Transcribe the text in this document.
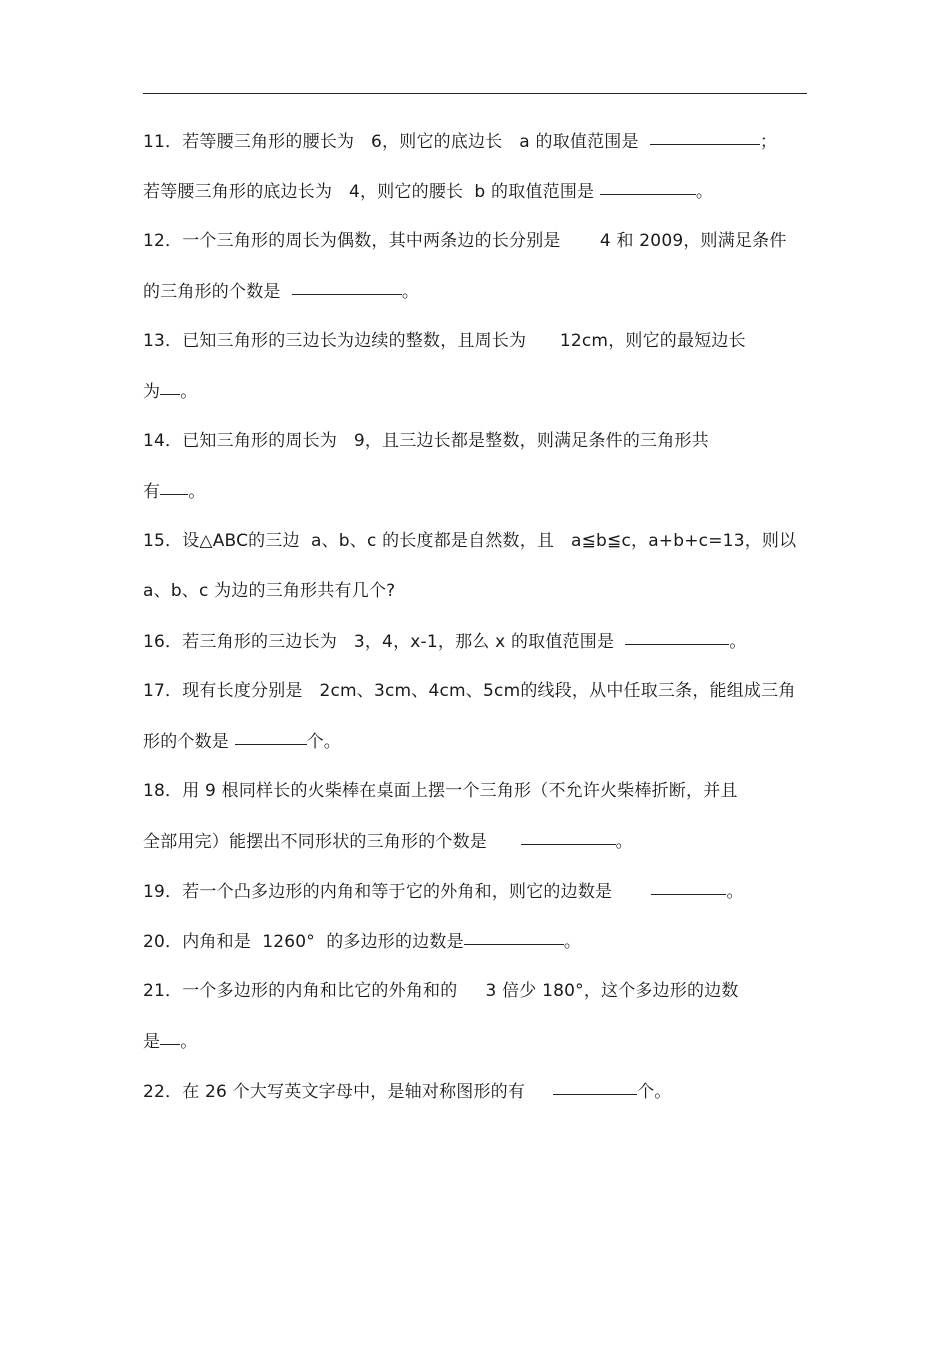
11．若等腰三角形的腰长为   6，则它的底边长   a 的取值范围是	；
若等腰三角形的底边长为   4，则它的腰长  b 的取值范围是	。
12．一个三角形的周长为偶数，其中两条边的长分别是       4 和 2009，则满足条件
的三角形的个数是	。
13．已知三角形的三边长为边续的整数，且周长为      12cm，则它的最短边长
为 。
14．已知三角形的周长为   9，且三边长都是整数，则满足条件的三角形共
有 。
15．设△ABC的三边  a、b、c 的长度都是自然数，且   a≦b≦c，a+b+c=13，则以
a、b、c 为边的三角形共有几个?
16．若三角形的三边长为   3，4，x-1，那么 x 的取值范围是	。
17．现有长度分别是   2cm、3cm、4cm、5cm的线段，从中任取三条，能组成三角
形的个数是	个。
18．用 9 根同样长的火柴棒在桌面上摆一个三角形（不允许火柴棒折断，并且
全部用完）能摆出不同形状的三角形的个数是	。
19．若一个凸多边形的内角和等于它的外角和，则它的边数是	。
20．内角和是  1260°  的多边形的边数是	。
21．一个多边形的内角和比它的外角和的     3 倍少 180°，这个多边形的边数
是 。
22．在 26 个大写英文字母中，是轴对称图形的有	个。
